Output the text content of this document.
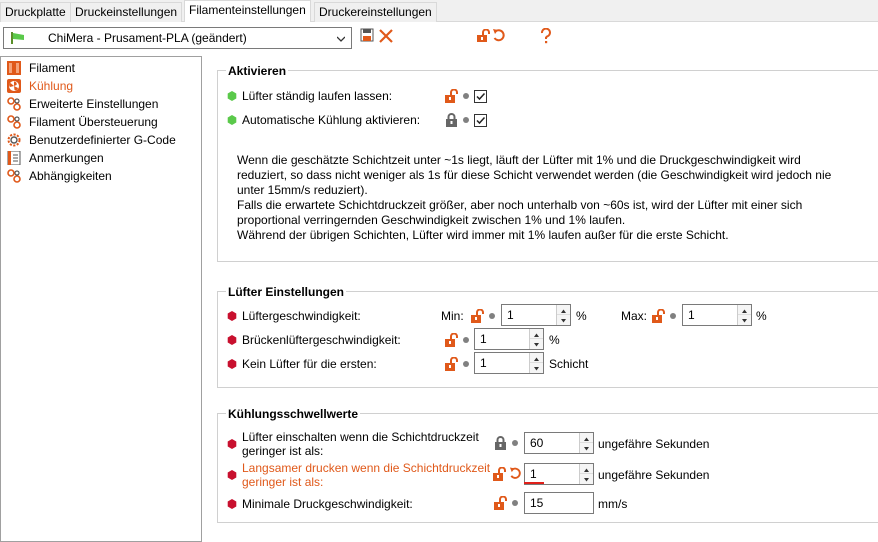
Druckplatte Druckeinstellungen Filamenteinstellungen	Druckereinstellungen
ChiMera - Prusament-PLA (geändert)
Filament
Kühlung
Erweiterte Einstellungen
Filament Übersteuerung
Benutzerdefinierter G-Code
Anmerkungen
Abhängigkeiten
Aktivieren
Lüfter ständig laufen lassen:
Automatische Kühlung aktivieren:
Wenn die geschätzte Schichtzeit unter ~1s liegt, läuft der Lüfter mit 1% und die Druckgeschwindigkeit wird
reduziert, so dass nicht weniger als 1s für diese Schicht verwendet werden (die Geschwindigkeit wird jedoch nie
unter 15mm/s reduziert).
Falls die erwartete Schichtdruckzeit größer, aber noch unterhalb von ~60s ist, wird der Lüfter mit einer sich
proportional verringernden Geschwindigkeit zwischen 1% und 1% laufen.
Während der übrigen Schichten, Lüfter wird immer mit 1% laufen außer für die erste Schicht.
Lüfter Einstellungen
Lüftergeschwindigkeit:	Min:	1	%	Max:	1	%
Brückenlüftergeschwindigkeit:	1	%
Kein Lüfter für die ersten:	1	Schicht
Kühlungsschwellwerte
Lüfter einschalten wenn die Schichtdruckzeit
geringer ist als:
60	ungefähre Sekunden
Langsamer drucken wenn die Schichtdruckzeit
geringer ist als:
1	ungefähre Sekunden
Minimale Druckgeschwindigkeit:	15	mm/s
